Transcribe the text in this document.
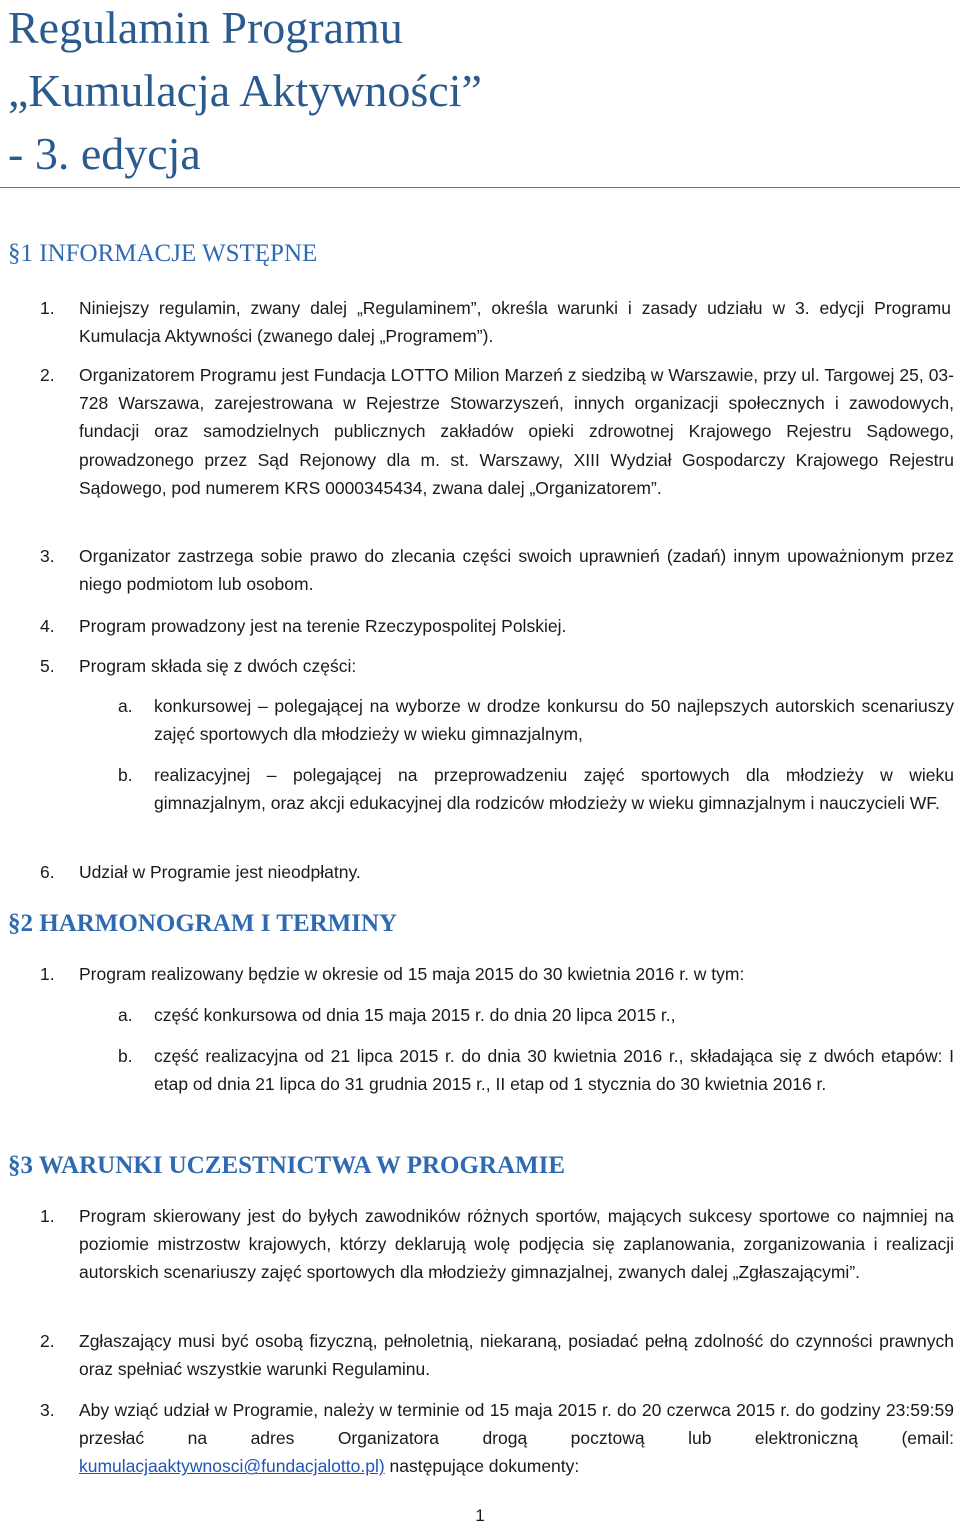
Regulamin Programu
„Kumulacja Aktywności”
- 3. edycja
§1 INFORMACJE WSTĘPNE
1. Niniejszy regulamin, zwany dalej „Regulaminem”, określa warunki i zasady udziału w 3. edycji Programu Kumulacja Aktywności (zwanego dalej „Programem”).
2. Organizatorem Programu jest Fundacja LOTTO Milion Marzeń z siedzibą w Warszawie, przy ul. Targowej 25, 03-728 Warszawa, zarejestrowana w Rejestrze Stowarzyszeń, innych organizacji społecznych i zawodowych, fundacji oraz samodzielnych publicznych zakładów opieki zdrowotnej Krajowego Rejestru Sądowego, prowadzonego przez Sąd Rejonowy dla m. st. Warszawy, XIII Wydział Gospodarczy Krajowego Rejestru Sądowego, pod numerem KRS 0000345434, zwana dalej „Organizatorem”.
3. Organizator zastrzega sobie prawo do zlecania części swoich uprawnień (zadań) innym upoważnionym przez niego podmiotom lub osobom.
4. Program prowadzony jest na terenie Rzeczypospolitej Polskiej.
5. Program składa się z dwóch części:
a. konkursowej – polegającej na wyborze w drodze konkursu do 50 najlepszych autorskich scenariuszy zajęć sportowych dla młodzieży w wieku gimnazjalnym,
b. realizacyjnej – polegającej na przeprowadzeniu zajęć sportowych dla młodzieży w wieku gimnazjalnym, oraz akcji edukacyjnej dla rodziców młodzieży w wieku gimnazjalnym i nauczycieli WF.
6. Udział w Programie jest nieodpłatny.
§2 HARMONOGRAM I TERMINY
1. Program realizowany będzie w okresie od 15 maja 2015 do 30 kwietnia 2016 r. w tym:
a. część konkursowa od dnia 15 maja 2015 r. do dnia 20 lipca 2015 r.,
b. część realizacyjna od 21 lipca 2015 r. do dnia 30 kwietnia 2016 r., składająca się z dwóch etapów: I etap od dnia 21 lipca do 31 grudnia 2015 r., II etap od 1 stycznia do 30 kwietnia 2016 r.
§3 WARUNKI UCZESTNICTWA W PROGRAMIE
1. Program skierowany jest do byłych zawodników różnych sportów, mających sukcesy sportowe co najmniej na poziomie mistrzostw krajowych, którzy deklarują wolę podjęcia się zaplanowania, zorganizowania i realizacji autorskich scenariuszy zajęć sportowych dla młodzieży gimnazjalnej, zwanych dalej „Zgłaszającymi”.
2. Zgłaszający musi być osobą fizyczną, pełnoletnią, niekaraną, posiadać pełną zdolność do czynności prawnych oraz spełniać wszystkie warunki Regulaminu.
3. Aby wziąć udział w Programie, należy w terminie od 15 maja 2015 r. do 20 czerwca 2015 r. do godziny 23:59:59 przesłać na adres Organizatora drogą pocztową lub elektroniczną (email: kumulacjaaktywnosci@fundacjalotto.pl) następujące dokumenty:
1
